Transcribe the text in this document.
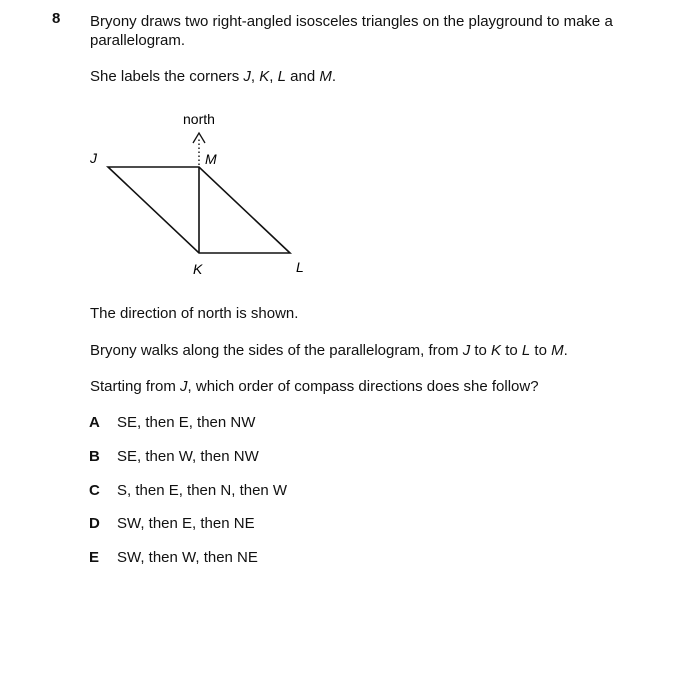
8 Bryony draws two right-angled isosceles triangles on the playground to make a parallelogram.

She labels the corners J, K, L and M.

north
J	M
K	L

The direction of north is shown.

Bryony walks along the sides of the parallelogram, from J to K to L to M.

Starting from J, which order of compass directions does she follow?

A SE, then E, then NW
B SE, then W, then NW
C S, then E, then N, then W
D SW, then E, then NE
E SW, then W, then NE
